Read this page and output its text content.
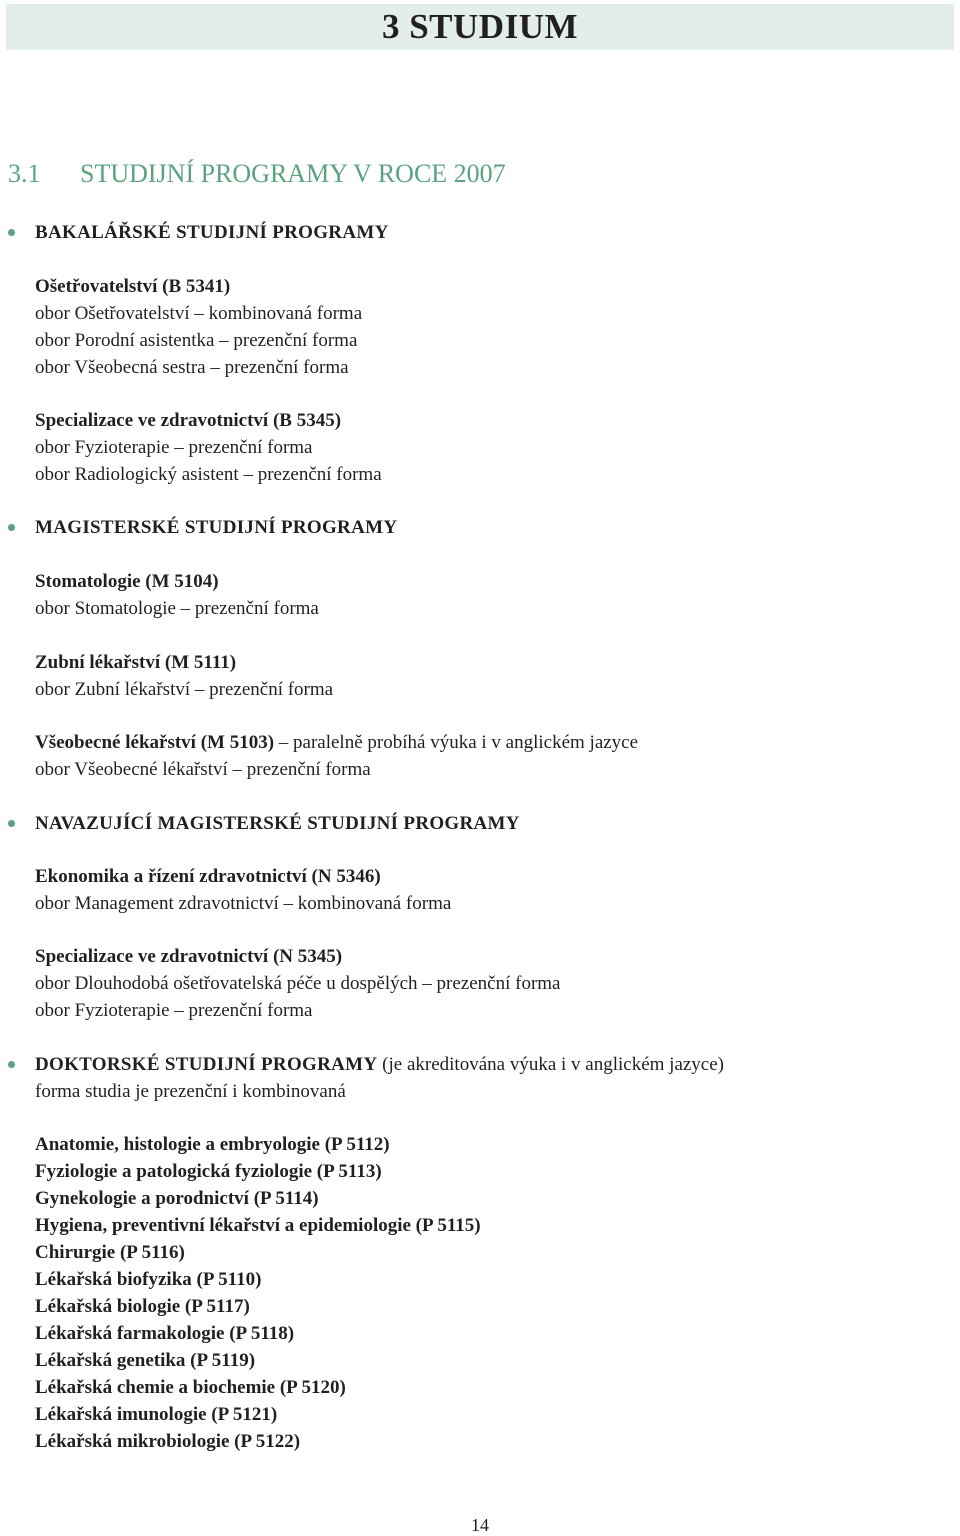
3 STUDIUM
3.1 STUDIJNÍ PROGRAMY V ROCE 2007
BAKALÁŘSKÉ STUDIJNÍ PROGRAMY
Ošetřovatelství (B 5341)
obor Ošetřovatelství – kombinovaná forma
obor Porodní asistentka – prezenční forma
obor Všeobecná sestra – prezenční forma
Specializace ve zdravotnictví (B 5345)
obor Fyzioterapie – prezenční forma
obor Radiologický asistent – prezenční forma
MAGISTERSKÉ STUDIJNÍ PROGRAMY
Stomatologie (M 5104)
obor Stomatologie – prezenční forma
Zubní lékařství (M 5111)
obor Zubní lékařství – prezenční forma
Všeobecné lékařství (M 5103) – paralelně probíhá výuka i v anglickém jazyce
obor Všeobecné lékařství – prezenční forma
NAVAZUJÍCÍ MAGISTERSKÉ STUDIJNÍ PROGRAMY
Ekonomika a řízení zdravotnictví (N 5346)
obor Management zdravotnictví – kombinovaná forma
Specializace ve zdravotnictví (N 5345)
obor Dlouhodobá ošetřovatelská péče u dospělých – prezenční forma
obor Fyzioterapie – prezenční forma
DOKTORSKÉ STUDIJNÍ PROGRAMY (je akreditována výuka i v anglickém jazyce)
forma studia je prezenční i kombinovaná
Anatomie, histologie a embryologie (P 5112)
Fyziologie a patologická fyziologie (P 5113)
Gynekologie a porodnictví (P 5114)
Hygiena, preventivní lékařství a epidemiologie (P 5115)
Chirurgie (P 5116)
Lékařská biofyzika (P 5110)
Lékařská biologie (P 5117)
Lékařská farmakologie (P 5118)
Lékařská genetika (P 5119)
Lékařská chemie a biochemie (P 5120)
Lékařská imunologie (P 5121)
Lékařská mikrobiologie (P 5122)
14
